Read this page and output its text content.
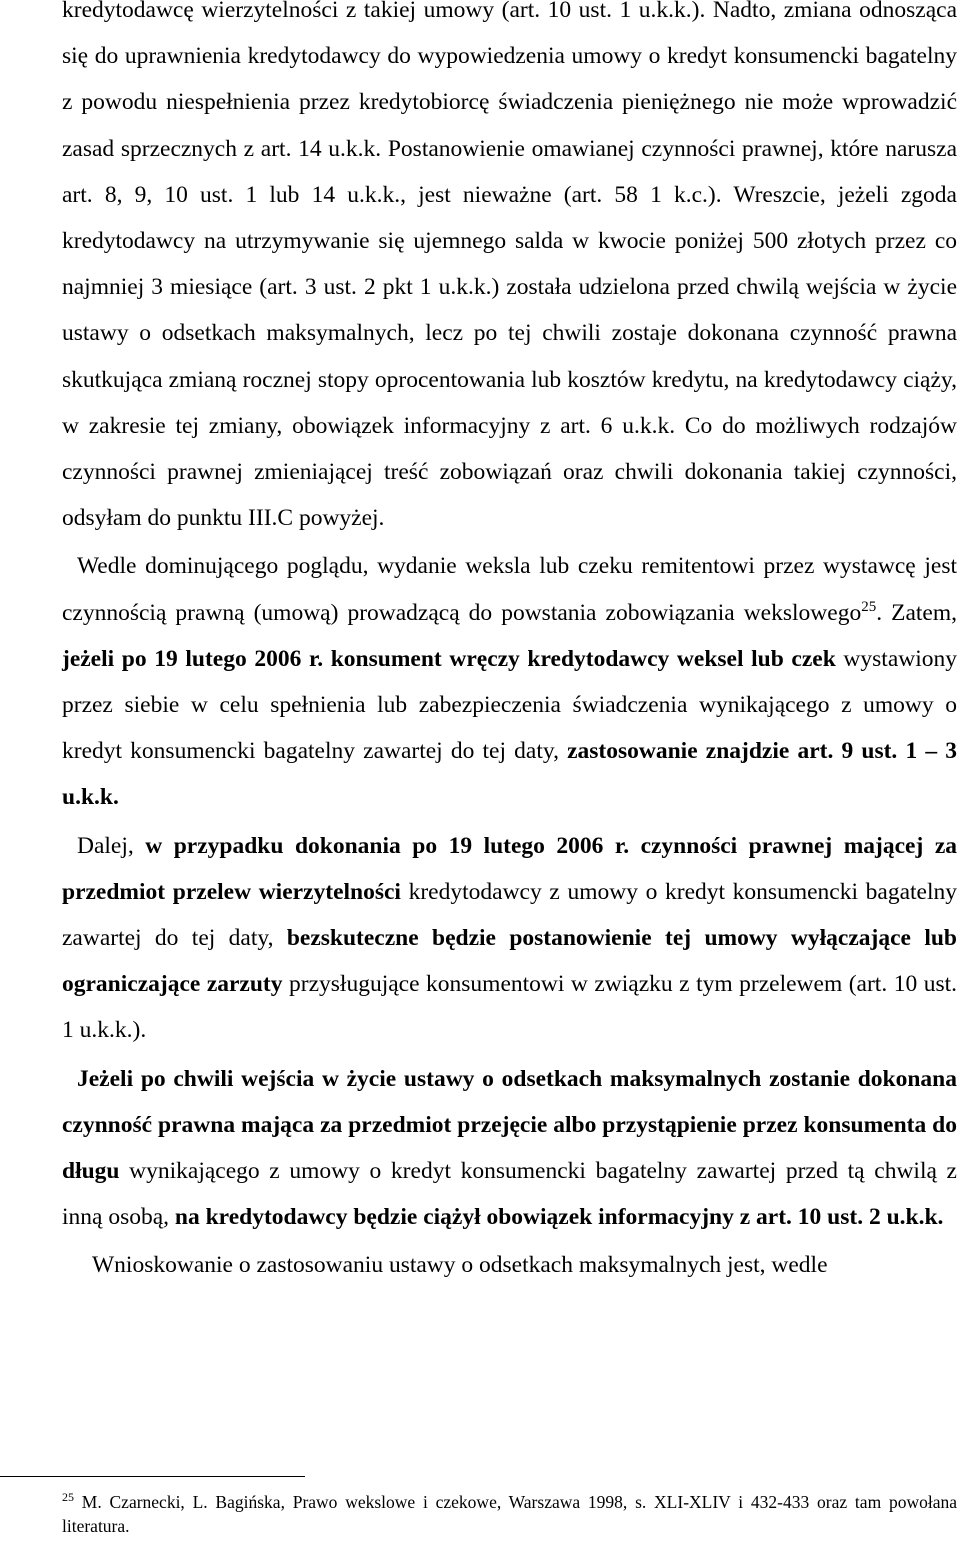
kredytodawcę wierzytelności z takiej umowy (art. 10 ust. 1 u.k.k.). Nadto, zmiana odnosząca się do uprawnienia kredytodawcy do wypowiedzenia umowy o kredyt konsumencki bagatelny z powodu niespełnienia przez kredytobiorcę świadczenia pieniężnego nie może wprowadzić zasad sprzecznych z art. 14 u.k.k. Postanowienie omawianej czynności prawnej, które narusza art. 8, 9, 10 ust. 1 lub 14 u.k.k., jest nieważne (art. 58 1 k.c.). Wreszcie, jeżeli zgoda kredytodawcy na utrzymywanie się ujemnego salda w kwocie poniżej 500 złotych przez co najmniej 3 miesiące (art. 3 ust. 2 pkt 1 u.k.k.) została udzielona przed chwilą wejścia w życie ustawy o odsetkach maksymalnych, lecz po tej chwili zostaje dokonana czynność prawna skutkująca zmianą rocznej stopy oprocentowania lub kosztów kredytu, na kredytodawcy ciąży, w zakresie tej zmiany, obowiązek informacyjny z art. 6 u.k.k. Co do możliwych rodzajów czynności prawnej zmieniającej treść zobowiązań oraz chwili dokonania takiej czynności, odsyłam do punktu III.C powyżej.

Wedle dominującego poglądu, wydanie weksla lub czeku remitentowi przez wystawcę jest czynnością prawną (umową) prowadzącą do powstania zobowiązania wekslowego$^{25}$. Zatem, jeżeli po 19 lutego 2006 r. konsument wręczy kredytodawcy weksel lub czek wystawiony przez siebie w celu spełnienia lub zabezpieczenia świadczenia wynikającego z umowy o kredyt konsumencki bagatelny zawartej do tej daty, zastosowanie znajdzie art. 9 ust. 1 – 3 u.k.k.

Dalej, w przypadku dokonania po 19 lutego 2006 r. czynności prawnej mającej za przedmiot przelew wierzytelności kredytodawcy z umowy o kredyt konsumencki bagatelny zawartej do tej daty, bezskuteczne będzie postanowienie tej umowy wyłączające lub ograniczające zarzuty przysługujące konsumentowi w związku z tym przelewem (art. 10 ust. 1 u.k.k.).

Jeżeli po chwili wejścia w życie ustawy o odsetkach maksymalnych zostanie dokonana czynność prawna mająca za przedmiot przejęcie albo przystąpienie przez konsumenta do długu wynikającego z umowy o kredyt konsumencki bagatelny zawartej przed tą chwilą z inną osobą, na kredytodawcy będzie ciążył obowiązek informacyjny z art. 10 ust. 2 u.k.k.

Wnioskowanie o zastosowaniu ustawy o odsetkach maksymalnych jest, wedle

$^{25}$ M. Czarnecki, L. Bagińska, Prawo wekslowe i czekowe, Warszawa 1998, s. XLI-XLIV i 432-433 oraz tam powołana literatura.
